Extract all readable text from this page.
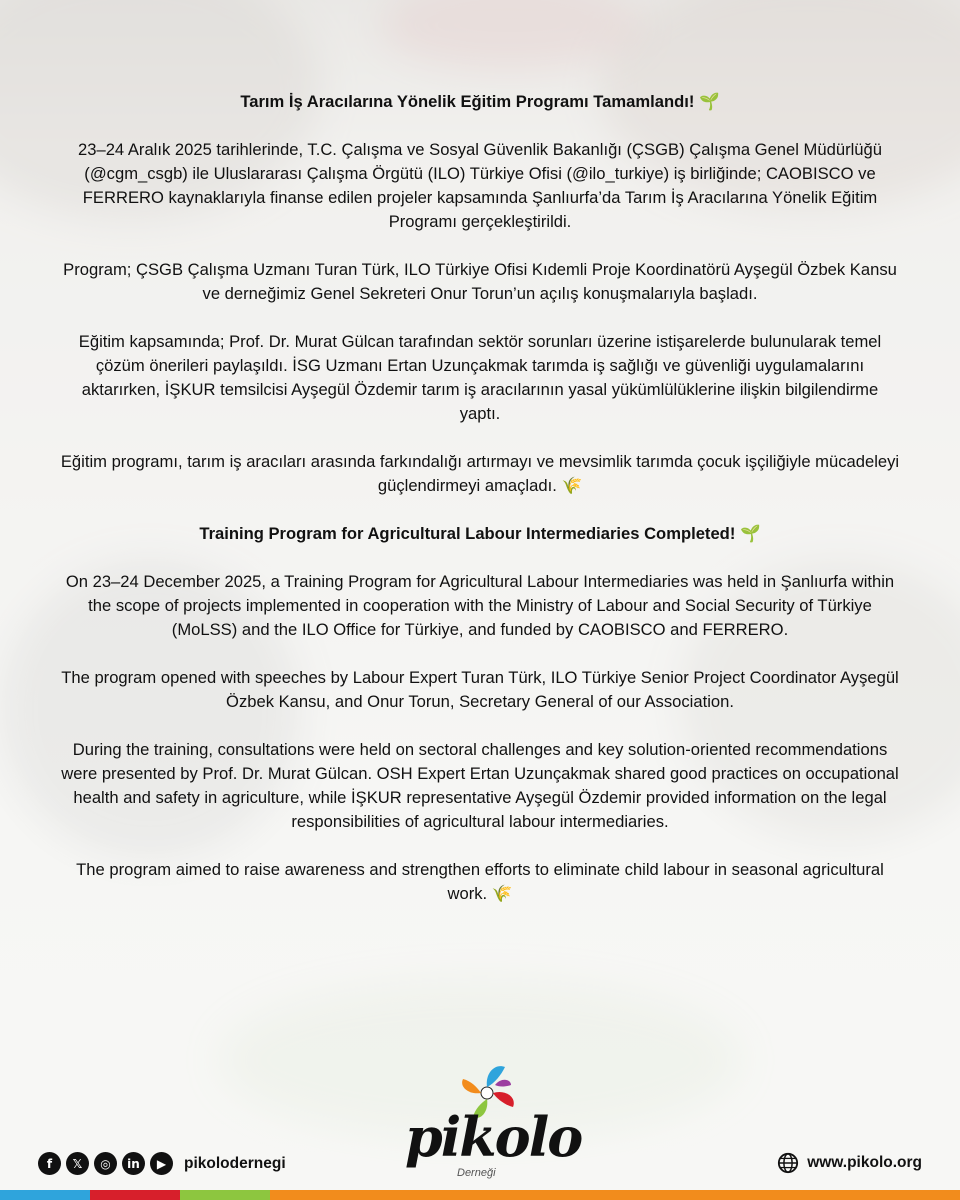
Tarım İş Aracılarına Yönelik Eğitim Programı Tamamlandı! 🌱

23–24 Aralık 2025 tarihlerinde, T.C. Çalışma ve Sosyal Güvenlik Bakanlığı (ÇSGB) Çalışma Genel Müdürlüğü (@cgm_csgb) ile Uluslararası Çalışma Örgütü (ILO) Türkiye Ofisi (@ilo_turkiye) iş birliğinde; CAOBISCO ve FERRERO kaynaklarıyla finanse edilen projeler kapsamında Şanlıurfa’da Tarım İş Aracılarına Yönelik Eğitim Programı gerçekleştirildi.

Program; ÇSGB Çalışma Uzmanı Turan Türk, ILO Türkiye Ofisi Kıdemli Proje Koordinatörü Ayşegül Özbek Kansu ve derneğimiz Genel Sekreteri Onur Torun’un açılış konuşmalarıyla başladı.

Eğitim kapsamında; Prof. Dr. Murat Gülcan tarafından sektör sorunları üzerine istişarelerde bulunularak temel çözüm önerileri paylaşıldı. İSG Uzmanı Ertan Uzunçakmak tarımda iş sağlığı ve güvenliği uygulamalarını aktarırken, İŞKUR temsilcisi Ayşegül Özdemir tarım iş aracılarının yasal yükümlülüklerine ilişkin bilgilendirme yaptı.

Eğitim programı, tarım iş aracıları arasında farkındalığı artırmayı ve mevsimlik tarımda çocuk işçiliğiyle mücadeleyi güçlendirmeyi amaçladı. 🌾

Training Program for Agricultural Labour Intermediaries Completed! 🌱

On 23–24 December 2025, a Training Program for Agricultural Labour Intermediaries was held in Şanlıurfa within the scope of projects implemented in cooperation with the Ministry of Labour and Social Security of Türkiye (MoLSS) and the ILO Office for Türkiye, and funded by CAOBISCO and FERRERO.

The program opened with speeches by Labour Expert Turan Türk, ILO Türkiye Senior Project Coordinator Ayşegül Özbek Kansu, and Onur Torun, Secretary General of our Association.

During the training, consultations were held on sectoral challenges and key solution-oriented recommendations were presented by Prof. Dr. Murat Gülcan. OSH Expert Ertan Uzunçakmak shared good practices on occupational health and safety in agriculture, while İŞKUR representative Ayşegül Özdemir provided information on the legal responsibilities of agricultural labour intermediaries.

The program aimed to raise awareness and strengthen efforts to eliminate child labour in seasonal agricultural work. 🌾

pikolo
Derneği
f	𝕏	◎	in	▶	pikolodernegi	www.pikolo.org
